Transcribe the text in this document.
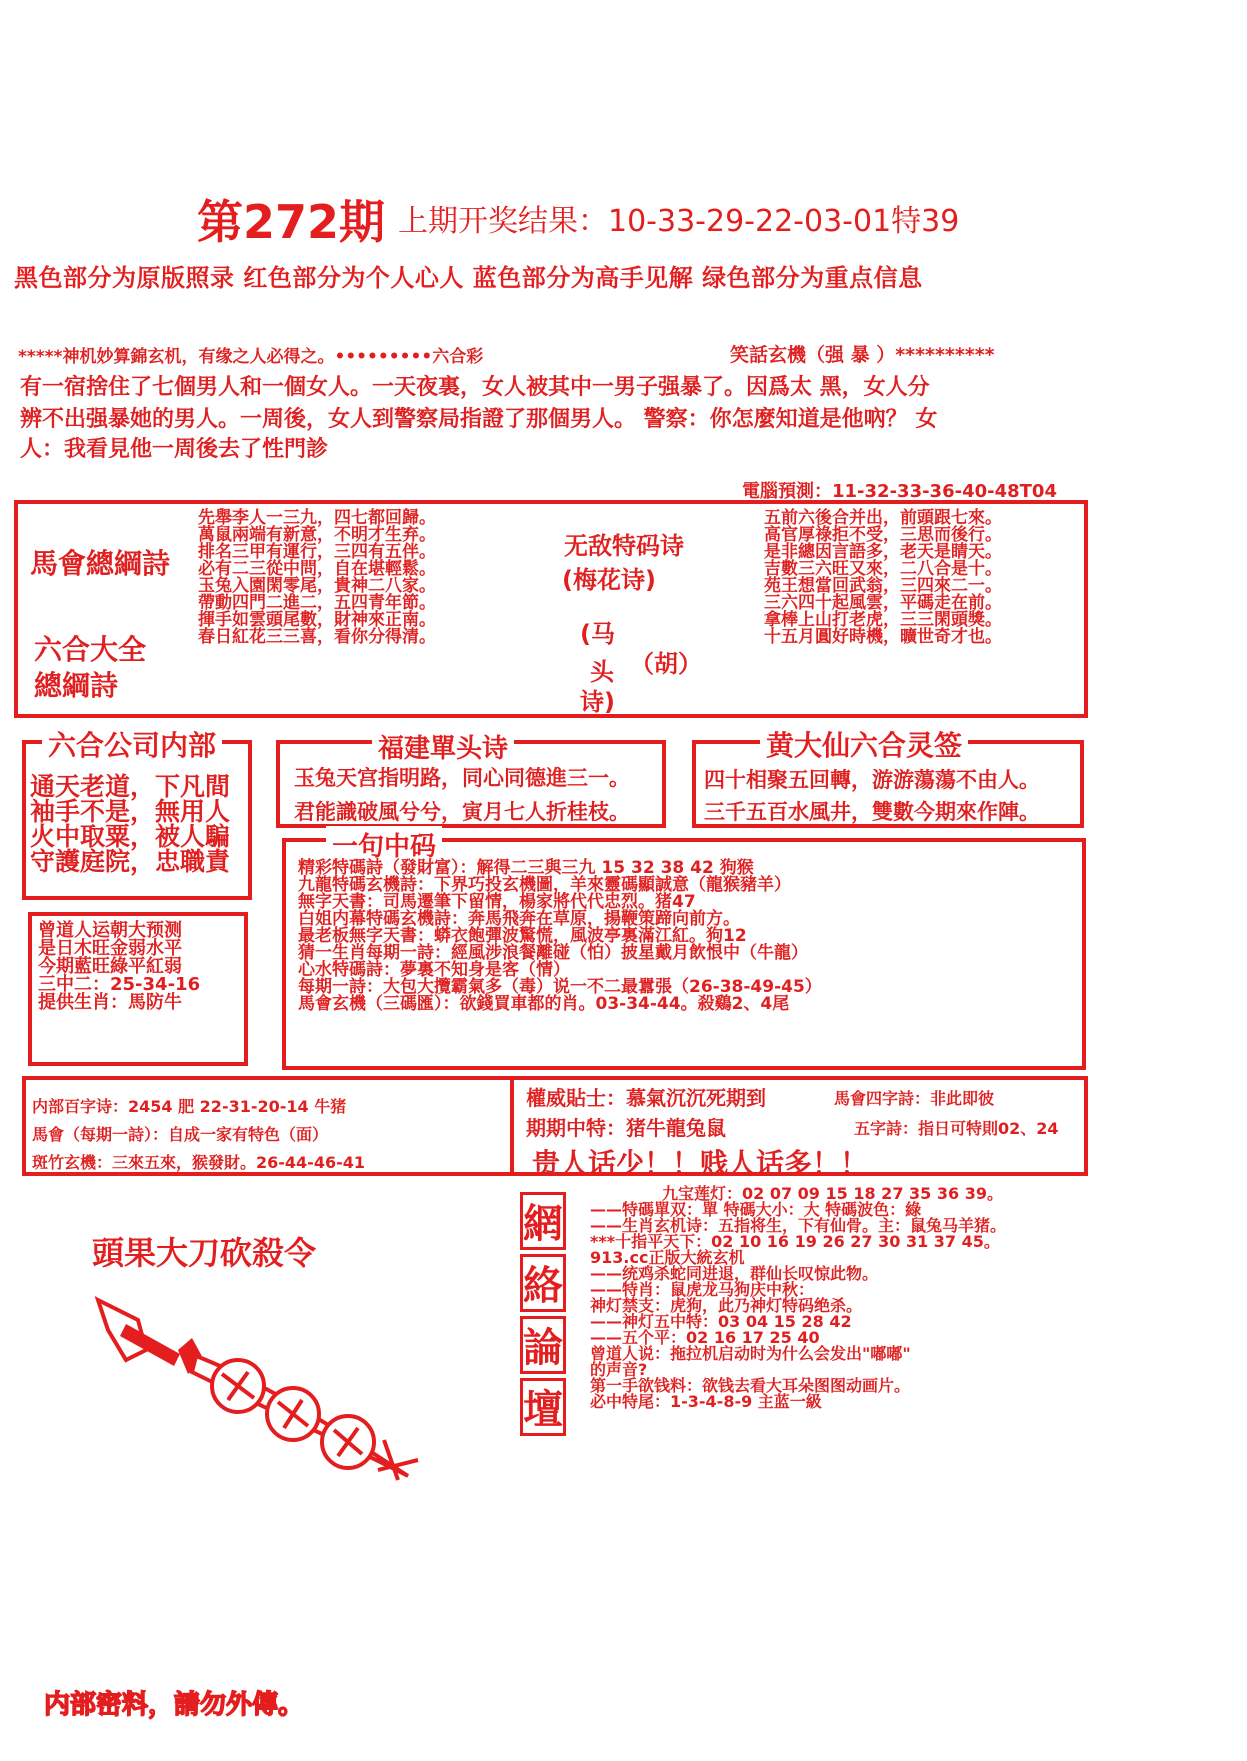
第272期 上期开奖结果：10-33-29-22-03-01特39
黑色部分为原版照录 红色部分为个人心人 蓝色部分为高手见解 绿色部分为重点信息
*****神机妙算錦玄机，有缘之人必得之。•••••••••六合彩	笑話玄機（强 暴 ）**********
有一宿捨住了七個男人和一個女人。一天夜裏，女人被其中一男子强暴了。因爲太 黑，女人分
辨不出强暴她的男人。一周後，女人到警察局指證了那個男人。 警察：你怎麼知道是他吶？ 女
人：我看見他一周後去了性門診
電腦預測：11-32-33-36-40-48T04
馬會總綱詩
六合大全
總綱詩
先舉李人一三九，四七都回歸。
萬鼠兩端有新意，不明才生弃。
排名三甲有運行，三四有五伴。
必有二三從中問，自在堪輕鬆。
玉兔入園閑零尾，貴神二八家。
帶動四門二進二，五四青年節。
揮手如雲頭尾數，財神來正南。
春日紅花三三喜，看你分得清。
无敌特码诗
(梅花诗)
(马
头
诗)
（胡）
五前六後合并出，前頭跟七來。
高官厚祿拒不受，三思而後行。
是非總因言語多，老天是睛天。
吉數三六旺又來，二八合是十。
苑王想當回武翁，三四來二一。
三六四十起風雲，平碼走在前。
拿棒上山打老虎，三三閑頭獎。
十五月圓好時機，曠世奇才也。
六合公司内部
通天老道，下凡間
袖手不是，無用人
火中取粟，被人騙
守護庭院，忠職責
福建單头诗
玉兔天宫指明路，同心同德進三一。
君能識破風兮兮，寅月七人折桂枝。
黄大仙六合灵签
四十相聚五回轉，游游蕩蕩不由人。
三千五百水風井，雙數今期來作陣。
曾道人运朝大预测
是日木旺金弱水平
今期藍旺綠平紅弱
三中二：25-34-16
提供生肖：馬防牛
一句中码
精彩特碼詩（發財富）：解得二三與三九 15 32 38 42 狗猴
九龍特碼玄機詩：下界巧投玄機圖，羊來靈碼顯誠意（龍猴豬羊）
無字天書：司馬遷筆下留情，楊家將代代忠烈。猪47
白姐内幕特碼玄機詩：奔馬飛奔在草原，揚鞭策蹄向前方。
最老板無字天書：蟒衣飽彈波驚慌，風波亭裏滿江紅。狗12
猜一生肖每期一詩：經風涉浪餐離碰（怕）披星戴月飲恨中（牛龍）
心水特碼詩：夢裏不知身是客（情）
每期一詩：大包大攬霸氣多（毒）说一不二最囂張（26-38-49-45）
馬會玄機（三碼匯）：欲錢買車都的肖。03-34-44。殺鷄2、4尾
内部百字诗：2454 肥 22-31-20-14 牛猪
馬會（每期一詩）：自成一家有特色（面）
斑竹玄機：三來五來，猴發財。26-44-46-41
權威貼士：慕氣沉沉死期到	馬會四字詩：非此即彼
期期中特：猪牛龍兔鼠	五字詩：指日可特則02、24
贵人话少！！贱人话多！！
頭果大刀砍殺令
内部密料，請勿外傳。
網
絡
論
壇
九宝莲灯：02 07 09 15 18 27 35 36 39。
——特碼單双：單 特碼大小：大 特碼波色：綠
——生肖玄机诗：五指将生，下有仙骨。主：鼠兔马羊猪。
***十指平天下：02 10 16 19 26 27 30 31 37 45。
913.cc正版大統玄机
——统鸡杀蛇同进退，群仙长叹惊此物。
——特肖：鼠虎龙马狗庆中秋：
神灯禁支：虎狗，此乃神灯特码绝杀。
——神灯五中特：03 04 15 28 42
——五个平：02 16 17 25 40
曾道人说：拖拉机启动时为什么会发出"嘟嘟"
的声音?
第一手欲钱料：欲钱去看大耳朵图图动画片。
必中特尾：1-3-4-8-9 主蓝一級
